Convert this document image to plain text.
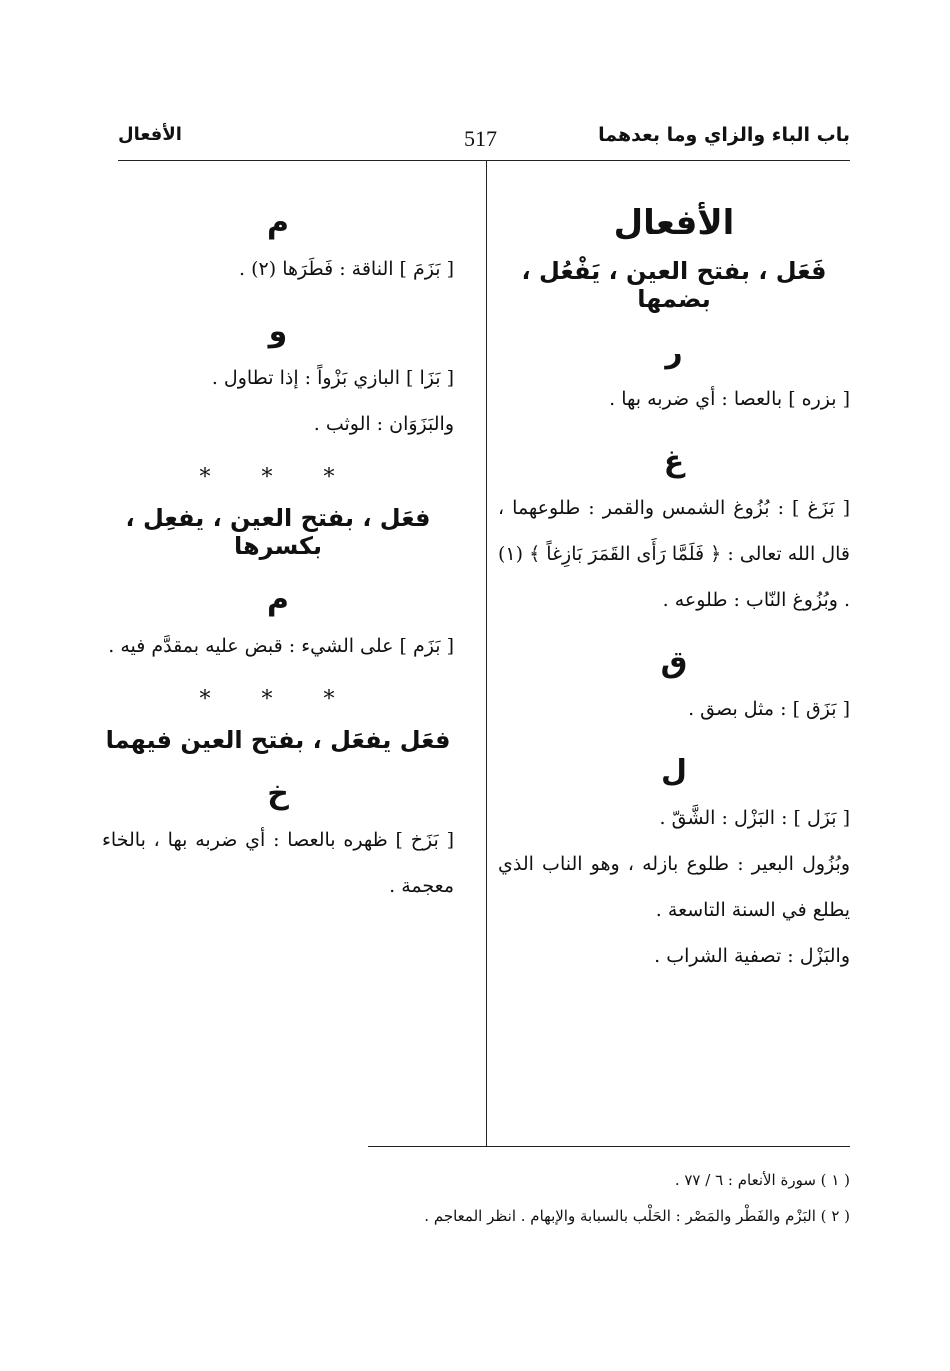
باب الباء والزاي وما بعدهما
517
الأفعال
الأفعال
فَعَل ، بفتح العين ، يَفْعُل ، بضمها
ر

[ بزره ] بالعصا : أي ضربه بها .

غ

[ بَزَغ ] : بُزُوغ الشمس والقمر : طلوعهما ، قال الله تعالى : ﴿ فَلَمَّا رَأَى القَمَرَ بَازِغاً ﴾ (١) . وبُزُوغ النّاب : طلوعه .

ق

[ بَزَق ] : مثل بصق .

ل

[ بَزَل ] : البَزْل : الشَّقّ .

وبُزُول البعير : طلوع بازله ، وهو الناب الذي يطلع في السنة التاسعة .

والبَزْل : تصفية الشراب .

م

[ بَزَمَ ] الناقة : فَطَرَها (٢) .

و

[ بَزَا ] البازي بَزْواً : إذا تطاول .

والبَزَوَان : الوثب .

* * *
فعَل ، بفتح العين ، يفعِل ، بكسرها
م

[ بَزَم ] على الشيء : قبض عليه بمقدَّم فيه .

* * *
فعَل يفعَل ، بفتح العين فيهما
خ

[ بَزَخ ] ظهره بالعصا : أي ضربه بها ، بالخاء معجمة .

( ١ ) سورة الأنعام : ٦ / ٧٧ .
( ٢ ) البَزْم والفَطْر والمَصْر : الحَلْب بالسبابة والإبهام . انظر المعاجم .
